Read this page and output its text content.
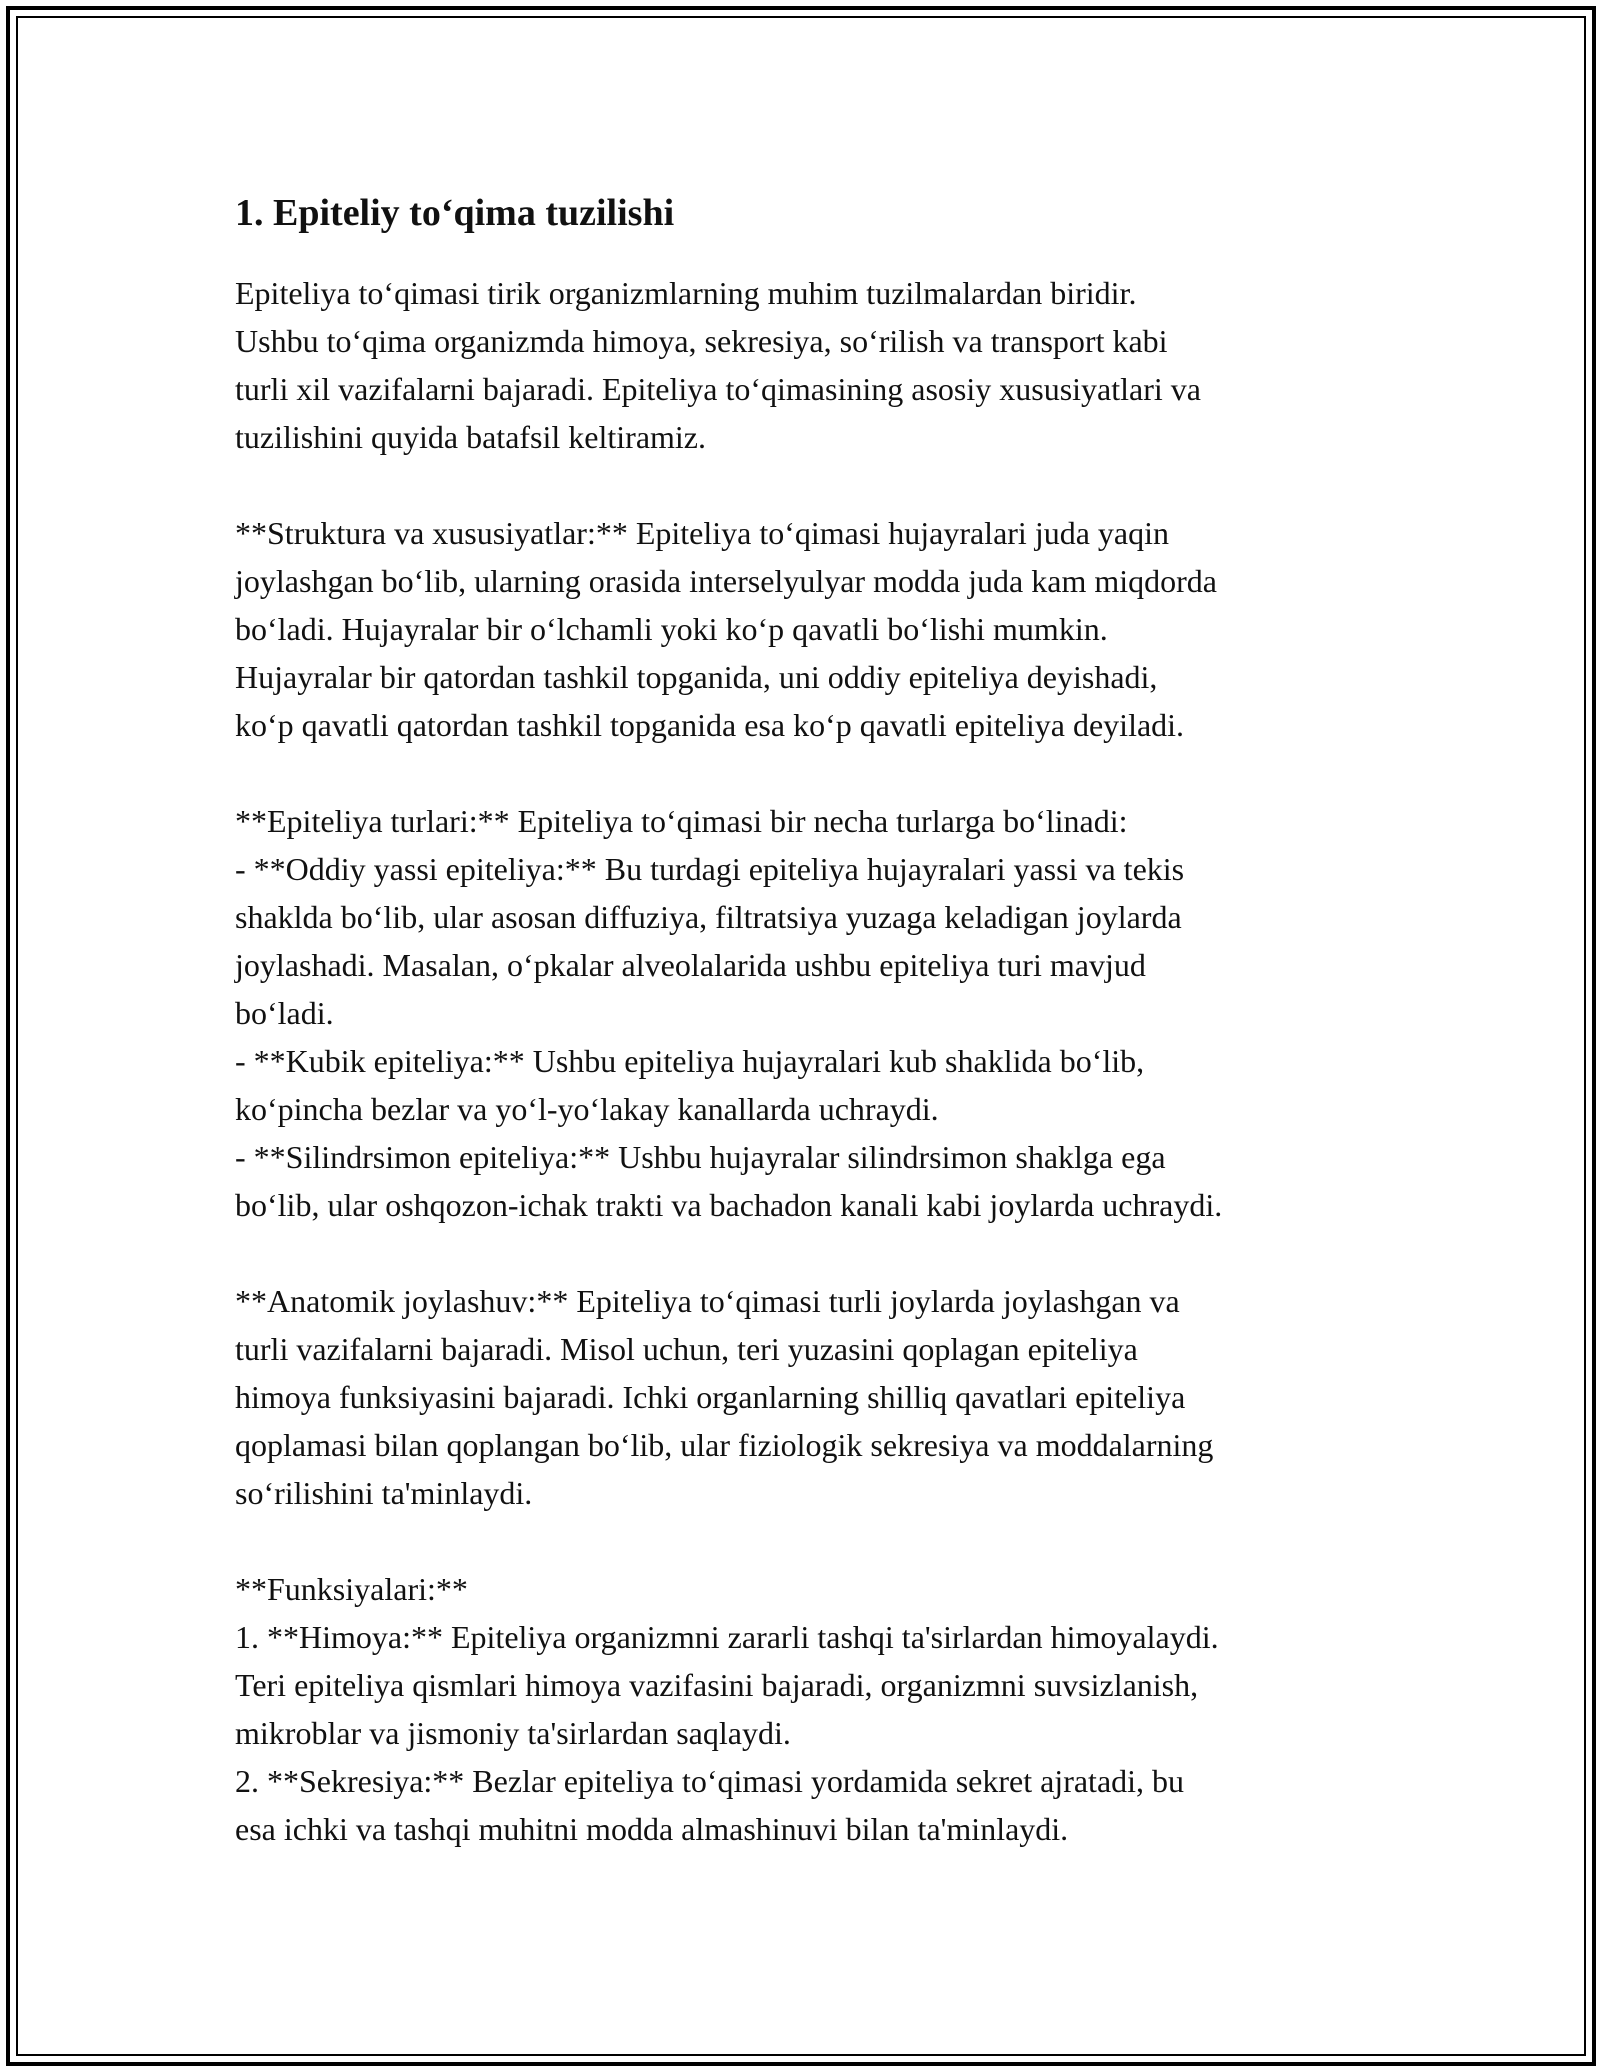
1. Epiteliy to‘qima tuzilishi

Epiteliya to‘qimasi tirik organizmlarning muhim tuzilmalardan biridir.
Ushbu to‘qima organizmda himoya, sekresiya, so‘rilish va transport kabi
turli xil vazifalarni bajaradi. Epiteliya to‘qimasining asosiy xususiyatlari va
tuzilishini quyida batafsil keltiramiz.

**Struktura va xususiyatlar:** Epiteliya to‘qimasi hujayralari juda yaqin
joylashgan bo‘lib, ularning orasida interselyulyar modda juda kam miqdorda
bo‘ladi. Hujayralar bir o‘lchamli yoki ko‘p qavatli bo‘lishi mumkin.
Hujayralar bir qatordan tashkil topganida, uni oddiy epiteliya deyishadi,
ko‘p qavatli qatordan tashkil topganida esa ko‘p qavatli epiteliya deyiladi.

**Epiteliya turlari:** Epiteliya to‘qimasi bir necha turlarga bo‘linadi:
- **Oddiy yassi epiteliya:** Bu turdagi epiteliya hujayralari yassi va tekis
shaklda bo‘lib, ular asosan diffuziya, filtratsiya yuzaga keladigan joylarda
joylashadi. Masalan, o‘pkalar alveolalarida ushbu epiteliya turi mavjud
bo‘ladi.
- **Kubik epiteliya:** Ushbu epiteliya hujayralari kub shaklida bo‘lib,
ko‘pincha bezlar va yo‘l-yo‘lakay kanallarda uchraydi.
- **Silindrsimon epiteliya:** Ushbu hujayralar silindrsimon shaklga ega
bo‘lib, ular oshqozon-ichak trakti va bachadon kanali kabi joylarda uchraydi.

**Anatomik joylashuv:** Epiteliya to‘qimasi turli joylarda joylashgan va
turli vazifalarni bajaradi. Misol uchun, teri yuzasini qoplagan epiteliya
himoya funksiyasini bajaradi. Ichki organlarning shilliq qavatlari epiteliya
qoplamasi bilan qoplangan bo‘lib, ular fiziologik sekresiya va moddalarning
so‘rilishini ta'minlaydi.

**Funksiyalari:**
1. **Himoya:** Epiteliya organizmni zararli tashqi ta'sirlardan himoyalaydi.
Teri epiteliya qismlari himoya vazifasini bajaradi, organizmni suvsizlanish,
mikroblar va jismoniy ta'sirlardan saqlaydi.
2. **Sekresiya:** Bezlar epiteliya to‘qimasi yordamida sekret ajratadi, bu
esa ichki va tashqi muhitni modda almashinuvi bilan ta'minlaydi.
